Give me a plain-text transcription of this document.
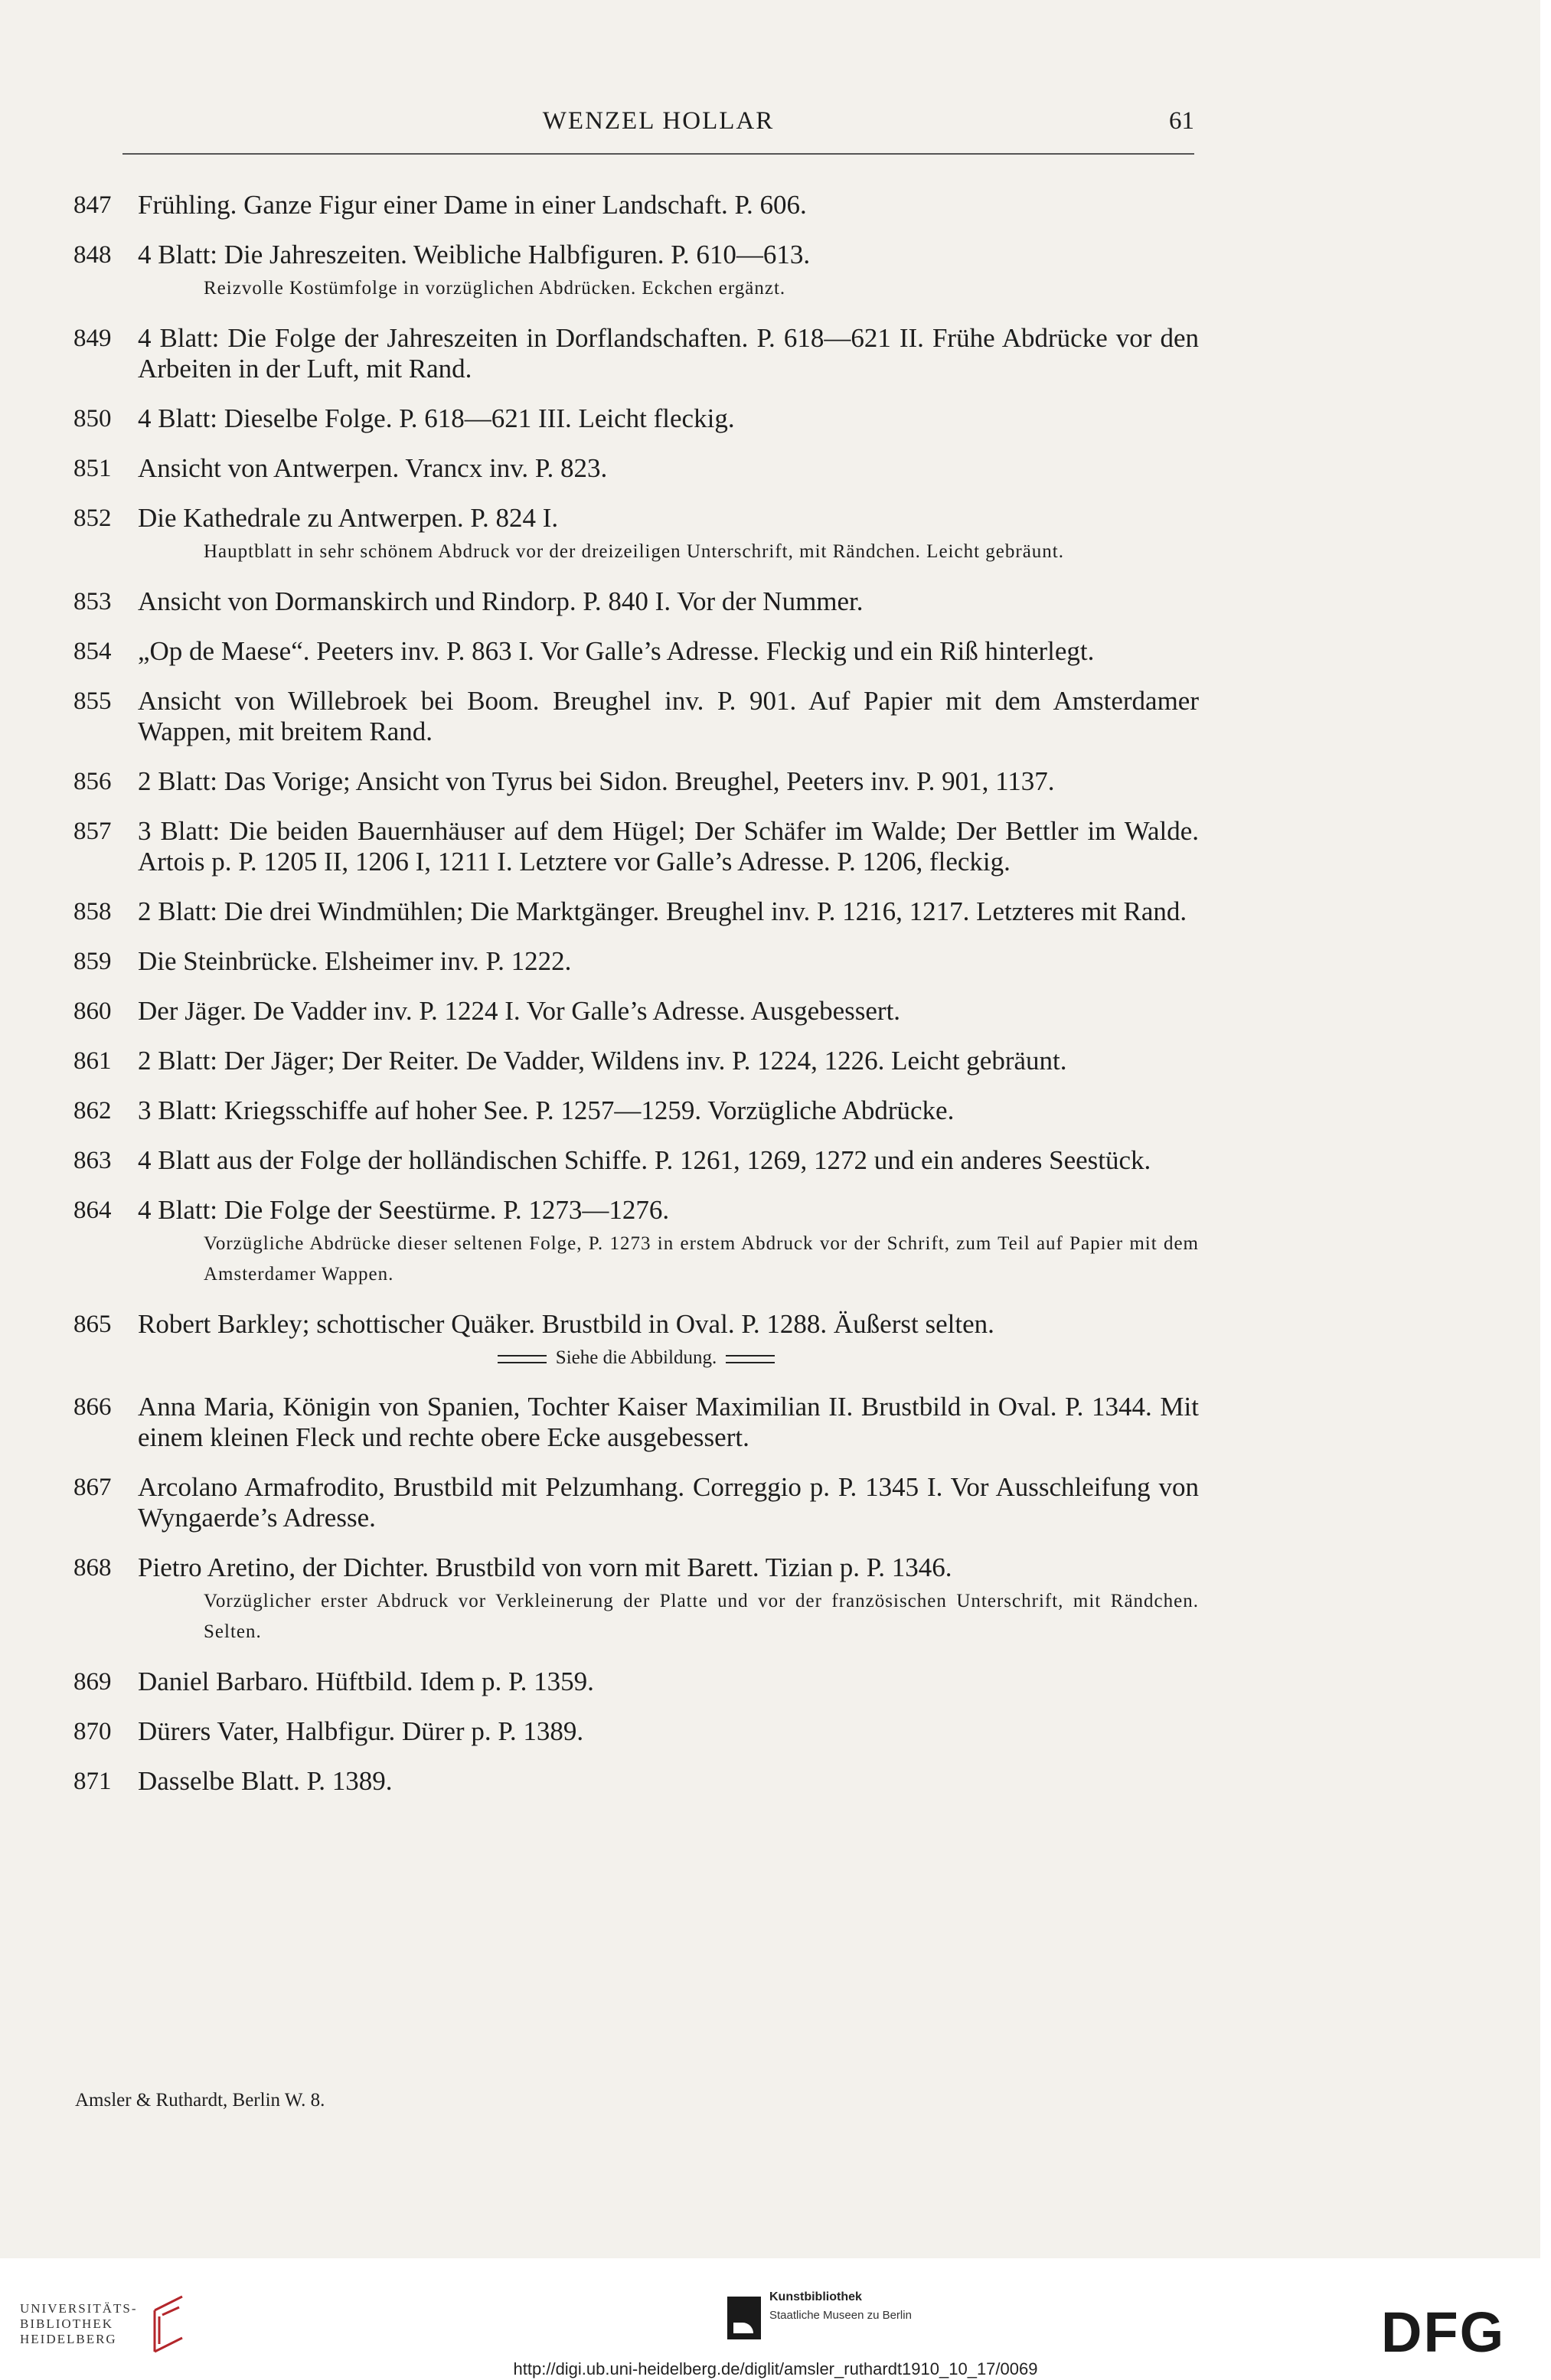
WENZEL HOLLAR	61
847 Frühling. Ganze Figur einer Dame in einer Landschaft. P. 606.
848 4 Blatt: Die Jahreszeiten. Weibliche Halbfiguren. P. 610—613.
Reizvolle Kostümfolge in vorzüglichen Abdrücken. Eckchen ergänzt.
849 4 Blatt: Die Folge der Jahreszeiten in Dorflandschaften. P. 618—621 II. Frühe Abdrücke vor den Arbeiten in der Luft, mit Rand.
850 4 Blatt: Dieselbe Folge. P. 618—621 III. Leicht fleckig.
851 Ansicht von Antwerpen. Vrancx inv. P. 823.
852 Die Kathedrale zu Antwerpen. P. 824 I.
Hauptblatt in sehr schönem Abdruck vor der dreizeiligen Unterschrift, mit Rändchen. Leicht gebräunt.
853 Ansicht von Dormanskirch und Rindorp. P. 840 I. Vor der Nummer.
854 „Op de Maese“. Peeters inv. P. 863 I. Vor Galle’s Adresse. Fleckig und ein Riß hinterlegt.
855 Ansicht von Willebroek bei Boom. Breughel inv. P. 901. Auf Papier mit dem Amsterdamer Wappen, mit breitem Rand.
856 2 Blatt: Das Vorige; Ansicht von Tyrus bei Sidon. Breughel, Peeters inv. P. 901, 1137.
857 3 Blatt: Die beiden Bauernhäuser auf dem Hügel; Der Schäfer im Walde; Der Bettler im Walde. Artois p. P. 1205 II, 1206 I, 1211 I. Letztere vor Galle’s Adresse. P. 1206, fleckig.
858 2 Blatt: Die drei Windmühlen; Die Marktgänger. Breughel inv. P. 1216, 1217. Letzteres mit Rand.
859 Die Steinbrücke. Elsheimer inv. P. 1222.
860 Der Jäger. De Vadder inv. P. 1224 I. Vor Galle’s Adresse. Ausgebessert.
861 2 Blatt: Der Jäger; Der Reiter. De Vadder, Wildens inv. P. 1224, 1226. Leicht gebräunt.
862 3 Blatt: Kriegsschiffe auf hoher See. P. 1257—1259. Vorzügliche Abdrücke.
863 4 Blatt aus der Folge der holländischen Schiffe. P. 1261, 1269, 1272 und ein anderes Seestück.
864 4 Blatt: Die Folge der Seestürme. P. 1273—1276.
Vorzügliche Abdrücke dieser seltenen Folge, P. 1273 in erstem Abdruck vor der Schrift, zum Teil auf Papier mit dem Amsterdamer Wappen.
865 Robert Barkley; schottischer Quäker. Brustbild in Oval. P. 1288. Äußerst selten.
Siehe die Abbildung.
866 Anna Maria, Königin von Spanien, Tochter Kaiser Maximilian II. Brustbild in Oval. P. 1344. Mit einem kleinen Fleck und rechte obere Ecke ausgebessert.
867 Arcolano Armafrodito, Brustbild mit Pelzumhang. Correggio p. P. 1345 I. Vor Ausschleifung von Wyngaerde’s Adresse.
868 Pietro Aretino, der Dichter. Brustbild von vorn mit Barett. Tizian p. P. 1346.
Vorzüglicher erster Abdruck vor Verkleinerung der Platte und vor der französischen Unterschrift, mit Rändchen. Selten.
869 Daniel Barbaro. Hüftbild. Idem p. P. 1359.
870 Dürers Vater, Halbfigur. Dürer p. P. 1389.
871 Dasselbe Blatt. P. 1389.
Amsler & Ruthardt, Berlin W. 8.
UNIVERSITÄTS-
BIBLIOTHEK
HEIDELBERG
Kunstbibliothek
Staatliche Museen zu Berlin	DFG
http://digi.ub.uni-heidelberg.de/diglit/amsler_ruthardt1910_10_17/0069
